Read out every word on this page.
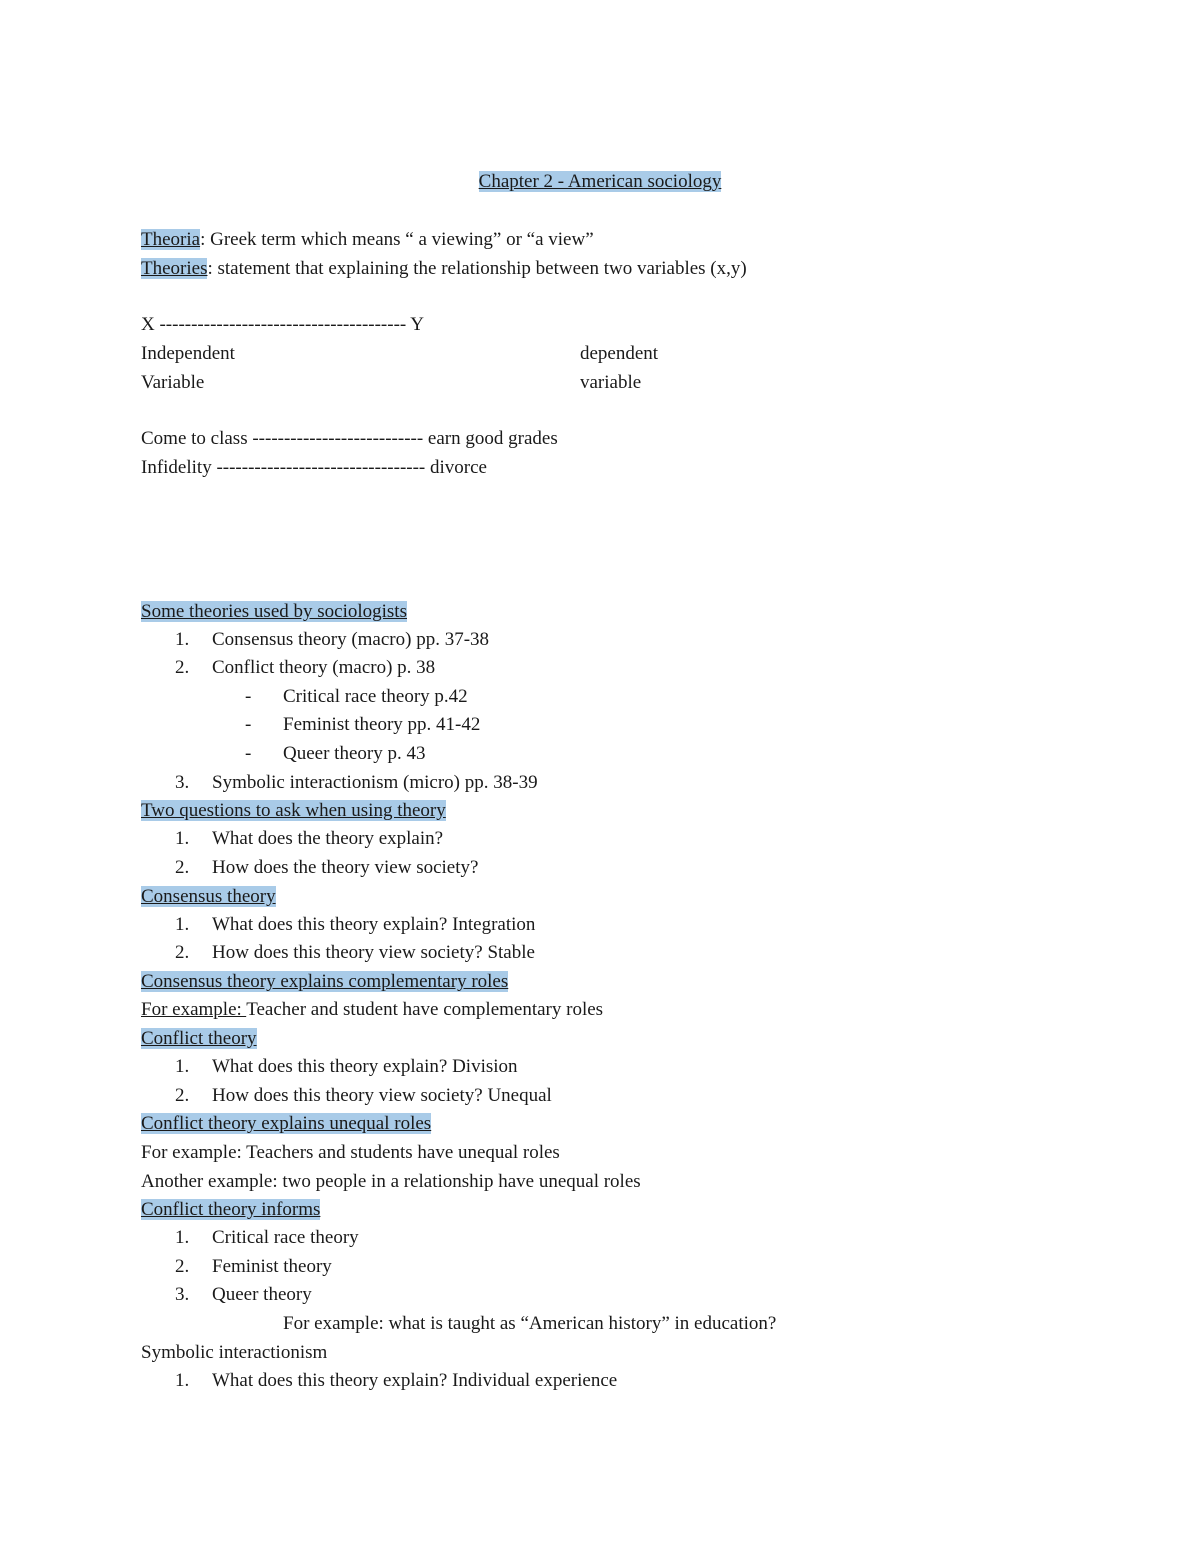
Chapter 2 - American sociology
Theoria: Greek term which means “ a viewing” or “a view”
Theories: statement that explaining the relationship between two variables (x,y)
X --------------------------------------- Y
Independent	dependent
Variable	variable
Come to class --------------------------- earn good grades
Infidelity --------------------------------- divorce
Some theories used by sociologists
1. Consensus theory (macro) pp. 37-38
2. Conflict theory (macro) p. 38
- Critical race theory p.42
- Feminist theory pp. 41-42
- Queer theory p. 43
3. Symbolic interactionism (micro) pp. 38-39
Two questions to ask when using theory
1. What does the theory explain?
2. How does the theory view society?
Consensus theory
1. What does this theory explain? Integration
2. How does this theory view society? Stable
Consensus theory explains complementary roles
For example: Teacher and student have complementary roles
Conflict theory
1. What does this theory explain? Division
2. How does this theory view society? Unequal
Conflict theory explains unequal roles
For example: Teachers and students have unequal roles
Another example: two people in a relationship have unequal roles
Conflict theory informs
1. Critical race theory
2. Feminist theory
3. Queer theory
For example: what is taught as “American history” in education?
Symbolic interactionism
1. What does this theory explain? Individual experience
